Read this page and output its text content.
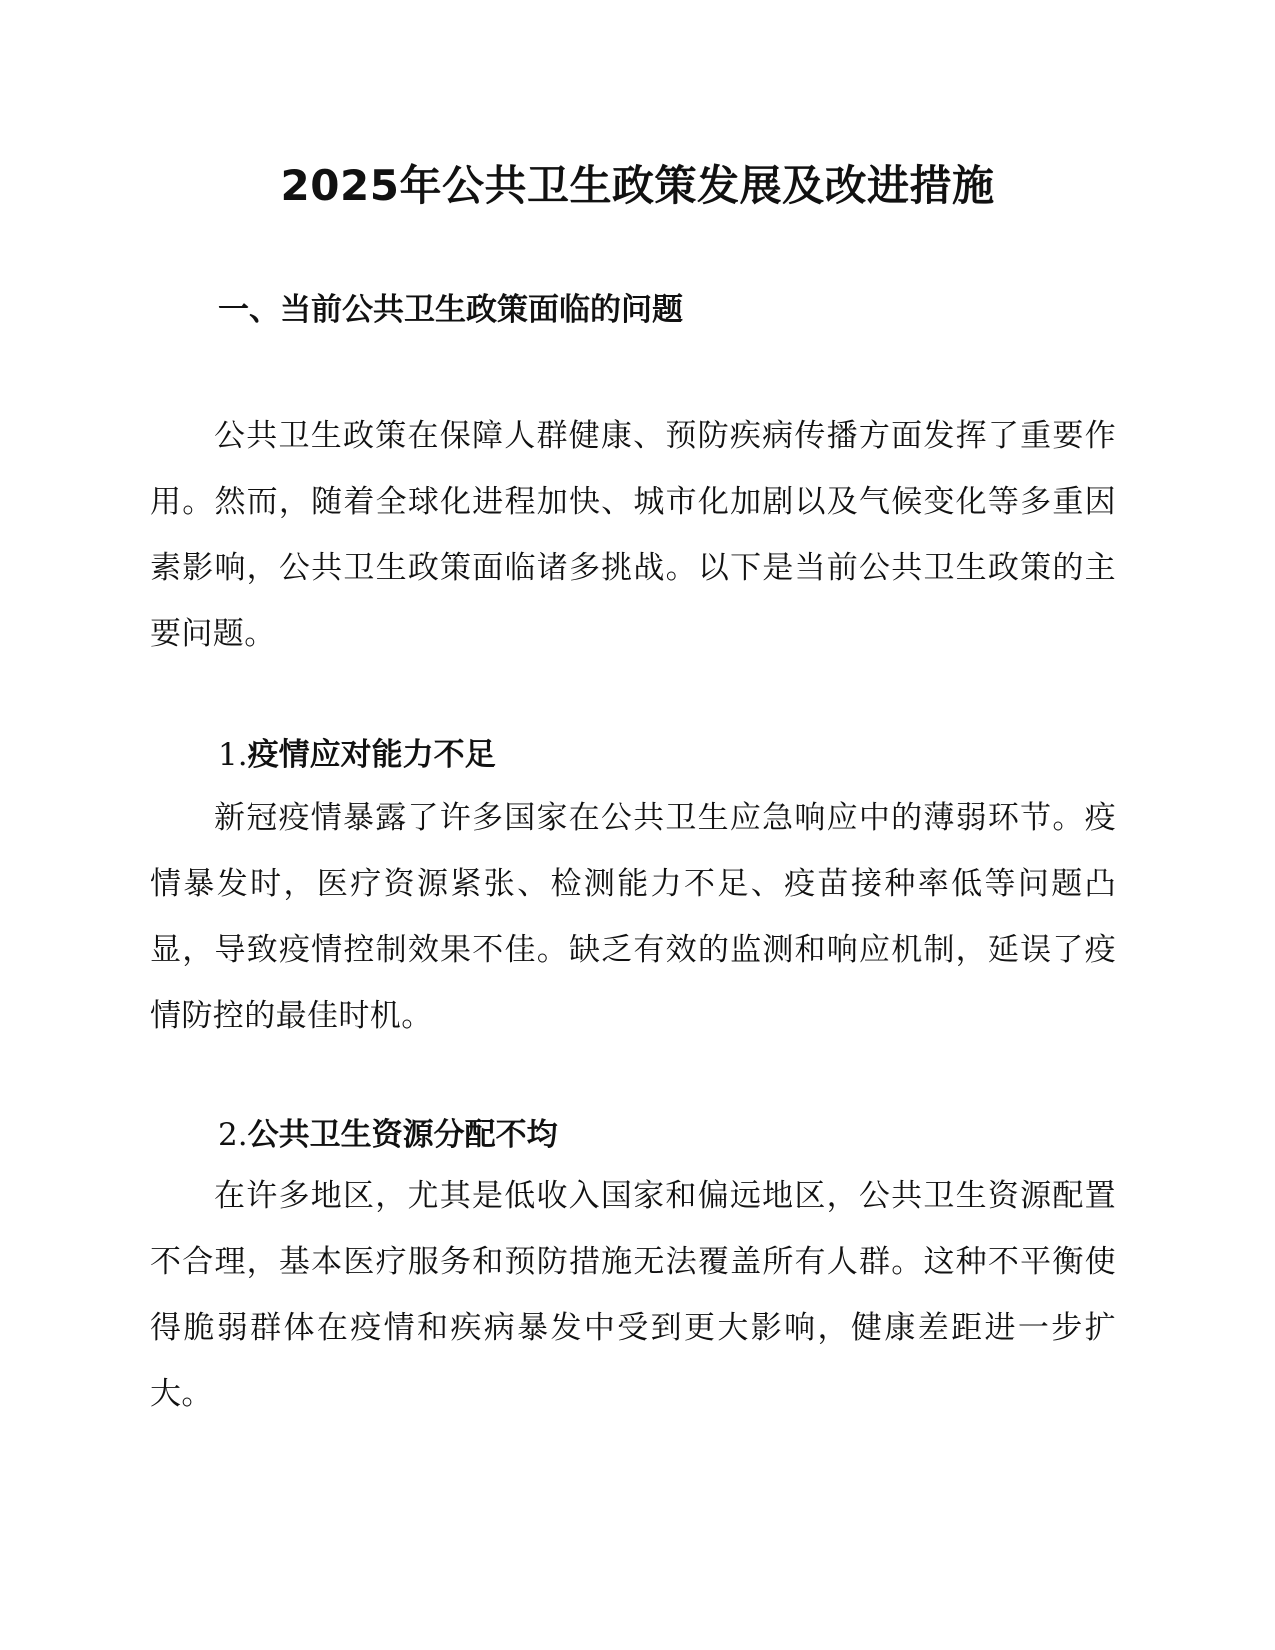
2025年公共卫生政策发展及改进措施
一、当前公共卫生政策面临的问题

公共卫生政策在保障人群健康、预防疾病传播方面发挥了重要作用。然而，随着全球化进程加快、城市化加剧以及气候变化等多重因素影响，公共卫生政策面临诸多挑战。以下是当前公共卫生政策的主要问题。

1.疫情应对能力不足

新冠疫情暴露了许多国家在公共卫生应急响应中的薄弱环节。疫情暴发时，医疗资源紧张、检测能力不足、疫苗接种率低等问题凸显，导致疫情控制效果不佳。缺乏有效的监测和响应机制，延误了疫情防控的最佳时机。

2.公共卫生资源分配不均

在许多地区，尤其是低收入国家和偏远地区，公共卫生资源配置不合理，基本医疗服务和预防措施无法覆盖所有人群。这种不平衡使得脆弱群体在疫情和疾病暴发中受到更大影响，健康差距进一步扩大。
